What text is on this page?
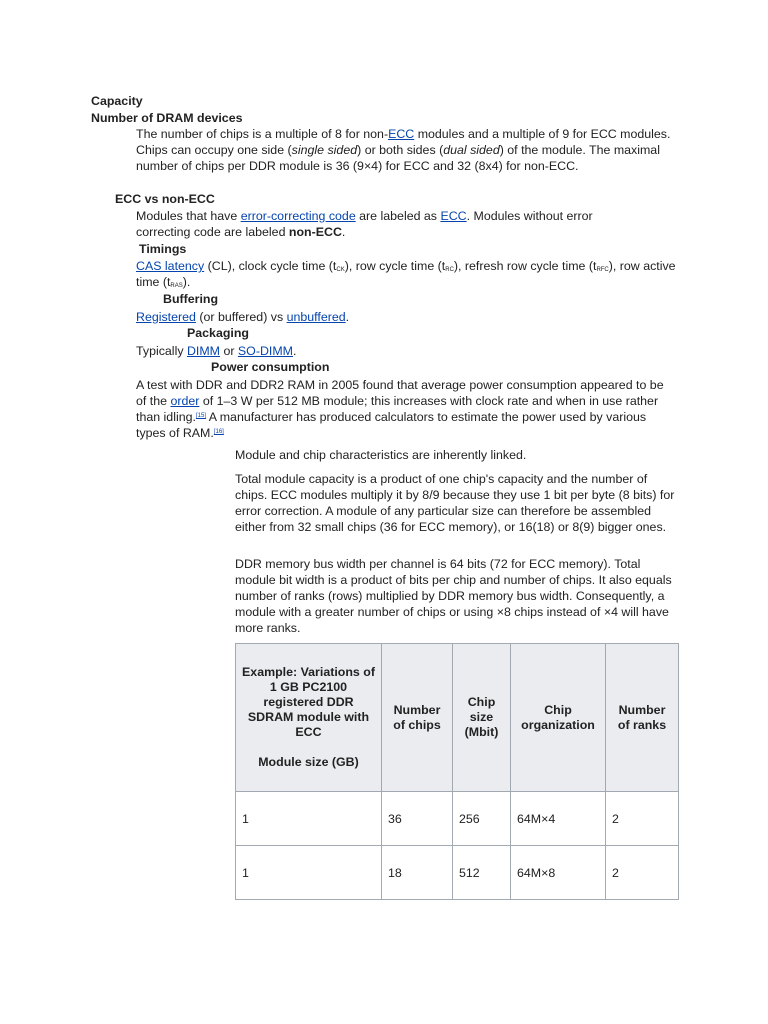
Capacity
Number of DRAM devices
The number of chips is a multiple of 8 for non-ECC modules and a multiple of 9 for ECC modules. Chips can occupy one side (single sided) or both sides (dual sided) of the module. The maximal number of chips per DDR module is 36 (9×4) for ECC and 32 (8x4) for non-ECC.
ECC vs non-ECC
Modules that have error-correcting code are labeled as ECC. Modules without error correcting code are labeled non-ECC.
Timings
CAS latency (CL), clock cycle time (tCK), row cycle time (tRC), refresh row cycle time (tRFC), row active time (tRAS).
Buffering
Registered (or buffered) vs unbuffered.
Packaging
Typically DIMM or SO-DIMM.
Power consumption
A test with DDR and DDR2 RAM in 2005 found that average power consumption appeared to be of the order of 1–3 W per 512 MB module; this increases with clock rate and when in use rather than idling.[15] A manufacturer has produced calculators to estimate the power used by various types of RAM.[16]

Module and chip characteristics are inherently linked.

Total module capacity is a product of one chip's capacity and the number of chips. ECC modules multiply it by 8/9 because they use 1 bit per byte (8 bits) for error correction. A module of any particular size can therefore be assembled either from 32 small chips (36 for ECC memory), or 16(18) or 8(9) bigger ones.

DDR memory bus width per channel is 64 bits (72 for ECC memory). Total module bit width is a product of bits per chip and number of chips. It also equals number of ranks (rows) multiplied by DDR memory bus width. Consequently, a module with a greater number of chips or using ×8 chips instead of ×4 will have more ranks.

Example: Variations of 1 GB PC2100 registered DDR SDRAM module with ECC
Module size (GB)	Number of chips	Chip size (Mbit)	Chip organization	Number of ranks
1	36	256	64M×4	2
1	18	512	64M×8	2
